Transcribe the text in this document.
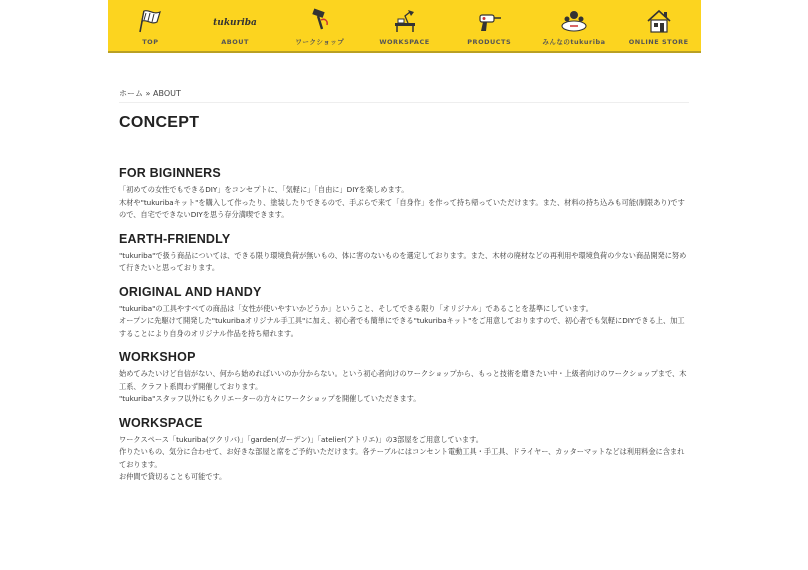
TOP
tukuriba
ABOUT	ワークショップ	WORKSPACE	PRODUCTS	みんなのtukuriba	ONLINE STORE
ホーム » ABOUT
CONCEPT
FOR BIGINNERS

「初めての女性でもできるDIY」をコンセプトに、「気軽に」「自由に」DIYを楽しめます。

木材や"tukuribaキット"を購入して作ったり、塗装したりできるので、手ぶらで来て「自身作」を作って持ち帰っていただけます。また、材料の持ち込みも可能(制限あり)ですので、自宅でできないDIYを思う存分満喫できます。

EARTH-FRIENDLY

"tukuriba"で扱う商品については、できる限り環境負荷が無いもの、体に害のないものを選定しております。また、木材の廃材などの再利用や環境負荷の少ない商品開発に努めて行きたいと思っております。

ORIGINAL AND HANDY

"tukuriba"の工具やすべての商品は「女性が使いやすいかどうか」ということ、そしてできる限り「オリジナル」であることを基準にしています。

オープンに先駆けて開発した"tukuribaオリジナル手工具"に加え、初心者でも簡単にできる"tukuribaキット"をご用意しておりますので、初心者でも気軽にDIYできる上、加工することにより自身のオリジナル作品を持ち帰れます。

WORKSHOP

始めてみたいけど自信がない、何から始めればいいのか分からない。という初心者向けのワークショップから、もっと技術を磨きたい中・上級者向けのワークショップまで、木工系、クラフト系問わず開催しております。

"tukuriba"スタッフ以外にもクリエーターの方々にワークショップを開催していただきます。

WORKSPACE

ワークスペース「tukuriba(ツクリバ)」「garden(ガーデン)」「atelier(アトリエ)」の3部屋をご用意しています。

作りたいもの、気分に合わせて、お好きな部屋と席をご予約いただけます。各テーブルにはコンセント電動工具・手工具、ドライヤー、カッターマットなどは利用料金に含まれております。

お仲間で貸切ることも可能です。
